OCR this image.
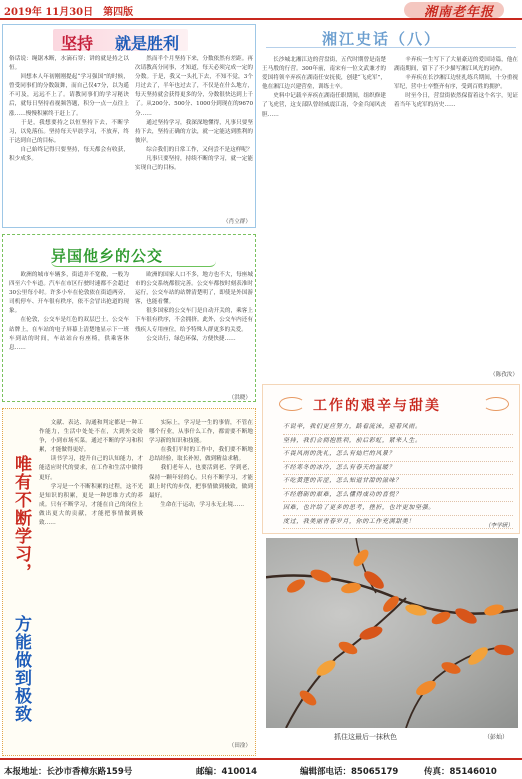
2019年 11月30日　第四版	湘南老年报
坚持 就是胜利
俗话说：绳锯木断，水滴石穿；讲的就是持之以恒。
　　回想本人年初刚刚提起“学习强国”的时候，曾受同事们的分数鼓舞，而自己仅47分，以为遥不可及，远远不上了。请教同事们的学习秘诀后，就每日坚持看视频答题，积分一点一点往上涨……慢慢积累终于赶上了。
　　于是，我想要持之以恒坚持下去，不断学习，以免落伍。坚持每天早晨学习，不放弃，终于达到自己的目标。
　　自己始终记得只要坚持，每天都会有收获，积少成多。
　　然而半个月坚持下来，分数依然有差距。再次请教高分同事，才知道，每天必须完成一定的分数。于是，我又一头扎下去，不知不觉，3个月过去了，半年也过去了，不仅是在什么地方，每天坚持就会获得更多的分，分数很快达到上千了。从200分、500分、1000分到现在的9670分……
　　通过坚持学习，我深深地懂得，凡事只要坚持下去，坚持正确的方法，就一定能达到胜利的彼岸。
　　综合我们的日常工作，又何尝不是这样呢？
　　凡事只要坚持，持续不断的学习，就一定能实现自己的目标。
（肖立群）
异国他乡的公交
　　欧洲的城市车辆多，街道并不宽敞，一般为四至六个车道。汽车在市区行驶时速都不会超过30公里每小时。许多小车在伦敦依在街道两旁，司机停车、开车很有秩序，依不会冒出抢道的现象。
　　在伦敦，公交车是红色的双层巴士，公交车站牌上，在车站的电子屏幕上清楚地显示下一班车到站的时间，车站站台有座椅，供乘客休息……
　　欧洲的国家人口不多，地方也不大，每座城市的公交系统都很完善。公交车都按时刻表准时运行，公交车站的站牌清楚明了，即使是外国游客，也能看懂。
　　很多国家的公交车门是自动开关的，乘客上下车很有秩序，不会拥挤。此外，公交车内还有残疾人专用座位，给予特殊人群更多的关爱。
　　公交出行，绿色环保，方便快捷……
（洪晓）
唯有不断学习，
方能做到极致
　　文献、表达、沟通和判定都是一种工作能力，生活中处处不在，大到外交纷争，小到市场买菜。通过不断的学习和积累，才能做得更好。
　　读书学习，提升自己的认知能力，才能适应时代的要求，在工作和生活中做得更好。
　　学习是一个不断积累的过程，这不光是知识的积累，更是一种思维方式的养成。只有不断学习，才能在自己的岗位上做出更大的贡献，才能把事情做到极致……
　　实际上，学习是一生的事情，不管在哪个行业，从事什么工作，都需要不断地学习新的知识和技能。
　　在我们平时的工作中，我们要不断地总结经验，取长补短，做到精益求精。
　　我们老年人，也要活到老、学到老，保持一颗年轻的心。只有不断学习，才能跟上时代的步伐，把事情做到极致，做到最好。
　　生命在于运动，学习永无止境……
（田淦）
湘江史话（八）
　　长沙城北湘江边的营盘街，五代时期曾是南楚王马殷的行营。300年前，南宋有一位文武兼才的爱国将领辛弃疾在湖南任安抚使，创建“飞虎军”，他在湘江边兴建营垒，训练士卒。
　　史料中记载辛弃疾在湖南任职期间，组织修建了飞虎营，这支部队曾经威震江南，令金兵闻风丧胆……
　　辛弃疾一生写下了大量豪迈的爱国诗篇，他在湖南期间，留下了不少描写湘江风光的词作。
　　辛弃疾在长沙湘江边驻扎练兵期间，十分重视军纪，营中士卒整齐有序，受到百姓的拥护。
　　时至今日，营盘街依然保留着这个名字，见证着当年飞虎军的历史……
（陈孜汝）
工作的艰辛与甜美
不说辛，我们更应努力，路看流沫，迎着风雨。
坚持，我们会拥抱胜利，前后彩虹，紧来人生。
不畏风雨的洗礼，怎么有灿烂的风景？
不经寒冬的冰冷，怎么有春天的温暖？
不吃黄莲的苦涩，怎么知道甘甜的滋味？
不经磨砺的艰难，怎么懂得成功的喜悦？
因难，也许给了更多的思考，挫折，也许更加坚强。
度过，我美丽青春岁月，你的工作充满甜美！
（李学研）
抓住这最后一抹秋色	（彭灿）
本报地址：长沙市香樟东路159号	邮编：410014	编辑部电话：85065179	传真：85146010
